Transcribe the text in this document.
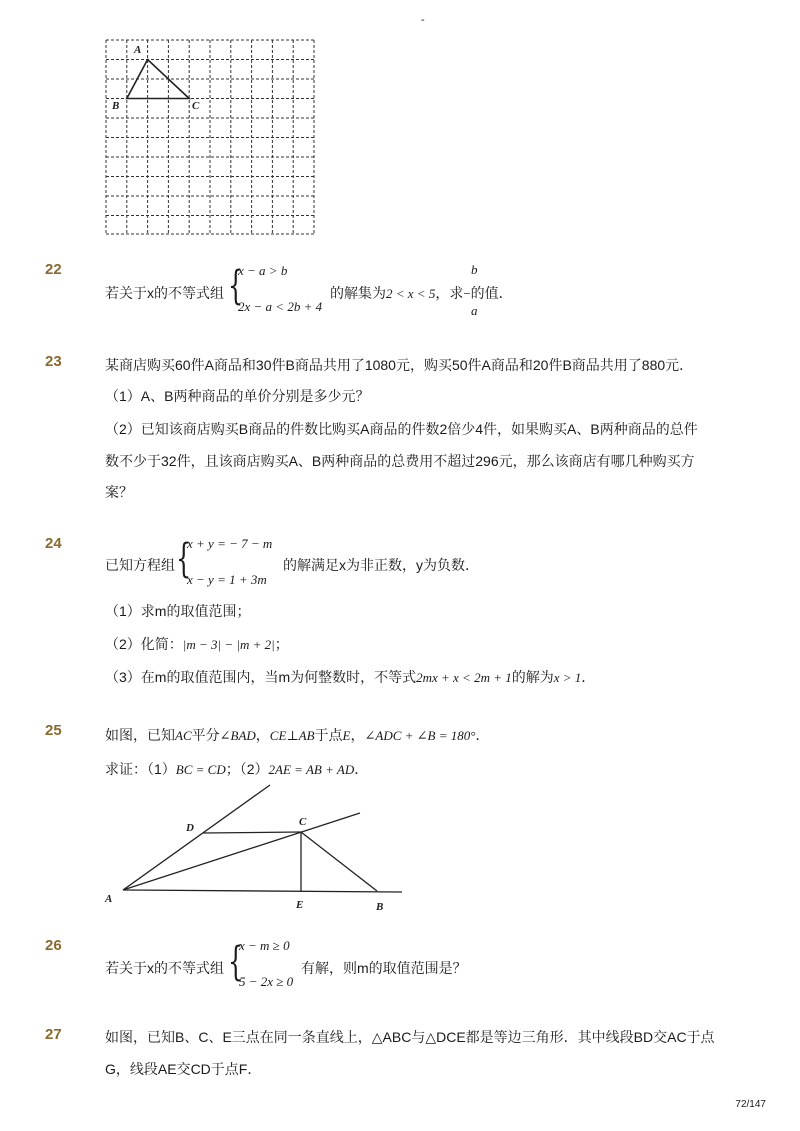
-
A
B	C
22
若关于x的不等式组 {
x − a > b
2x − a < 2b + 4
的解集为2 < x < 5，求−的值．
b
a
23	某商店购买60件A商品和30件B商品共用了1080元，购买50件A商品和20件B商品共用了880元．
（1）A、B两种商品的单价分别是多少元？
（2）已知该商店购买B商品的件数比购买A商品的件数2倍少4件，如果购买A、B两种商品的总件
数不少于32件，且该商店购买A、B两种商品的总费用不超过296元，那么该商店有哪几种购买方
案？
24
已知方程组 {
x + y = − 7 − m
x − y = 1 + 3m
的解满足x为非正数，y为负数．
（1）求m的取值范围；
（2）化简：|m − 3| − |m + 2|；
（3）在m的取值范围内，当m为何整数时，不等式2mx + x < 2m + 1的解为x > 1．
25	如图，已知AC平分∠BAD，CE⊥AB于点E，∠ADC + ∠B = 180°．
求证：（1）BC = CD；（2）2AE = AB + AD．
A
D	C
E	B
26
若关于x的不等式组 {
x − m ≥ 0
5 − 2x ≥ 0
有解，则m的取值范围是？
27	如图，已知B、C、E三点在同一条直线上，△ABC与△DCE都是等边三角形．其中线段BD交AC于点
G，线段AE交CD于点F．
72/147
